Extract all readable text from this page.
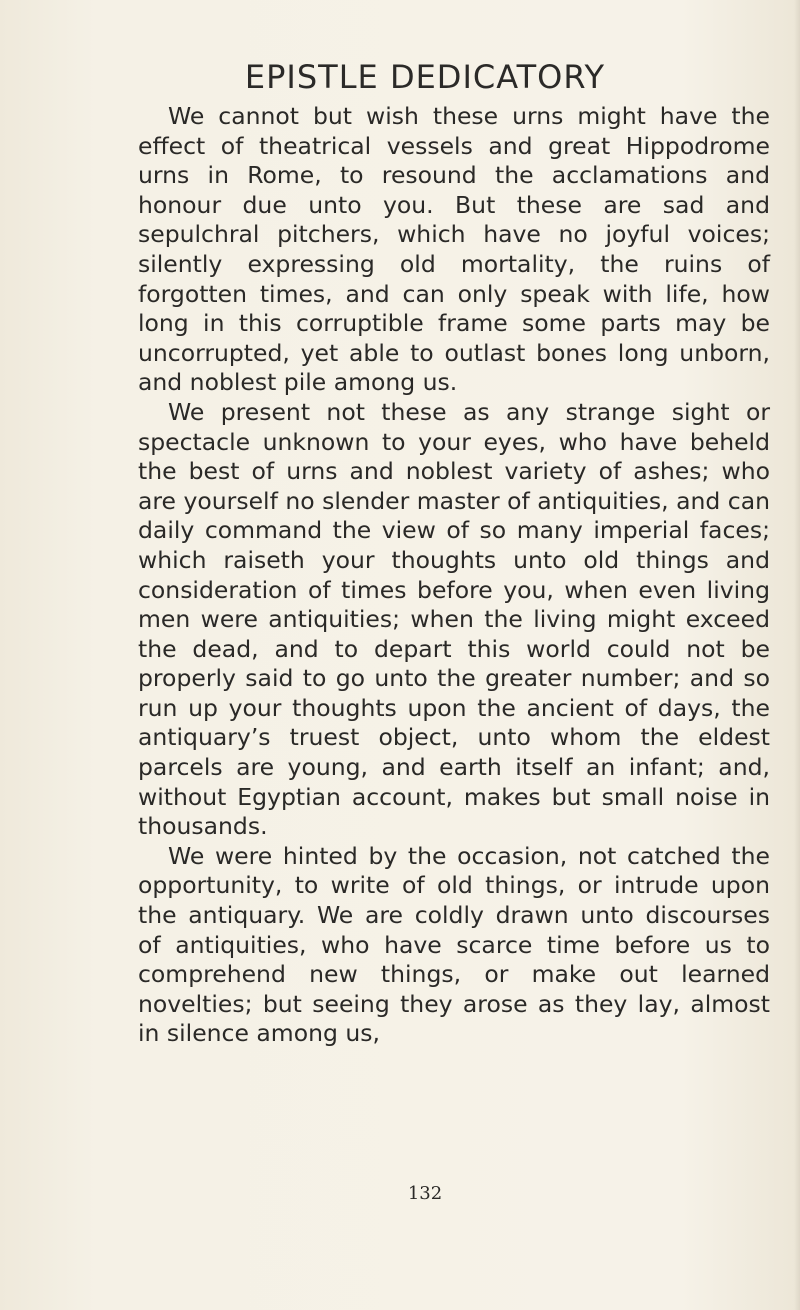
EPISTLE DEDICATORY

We cannot but wish these urns might have the effect of theatrical vessels and great Hippodrome urns in Rome, to resound the acclamations and honour due unto you. But these are sad and sepulchral pitchers, which have no joyful voices; silently expressing old mortality, the ruins of forgotten times, and can only speak with life, how long in this corruptible frame some parts may be uncorrupted, yet able to outlast bones long unborn, and noblest pile among us.

We present not these as any strange sight or spectacle unknown to your eyes, who have beheld the best of urns and noblest variety of ashes; who are yourself no slender master of antiquities, and can daily command the view of so many imperial faces; which raiseth your thoughts unto old things and consideration of times before you, when even living men were antiquities; when the living might exceed the dead, and to depart this world could not be properly said to go unto the greater number; and so run up your thoughts upon the ancient of days, the antiquary’s truest object, unto whom the eldest parcels are young, and earth itself an infant; and, without Egyptian account, makes but small noise in thousands.

We were hinted by the occasion, not catched the opportunity, to write of old things, or intrude upon the antiquary. We are coldly drawn unto discourses of antiquities, who have scarce time before us to comprehend new things, or make out learned novelties; but seeing they arose as they lay, almost in silence among us,

132
